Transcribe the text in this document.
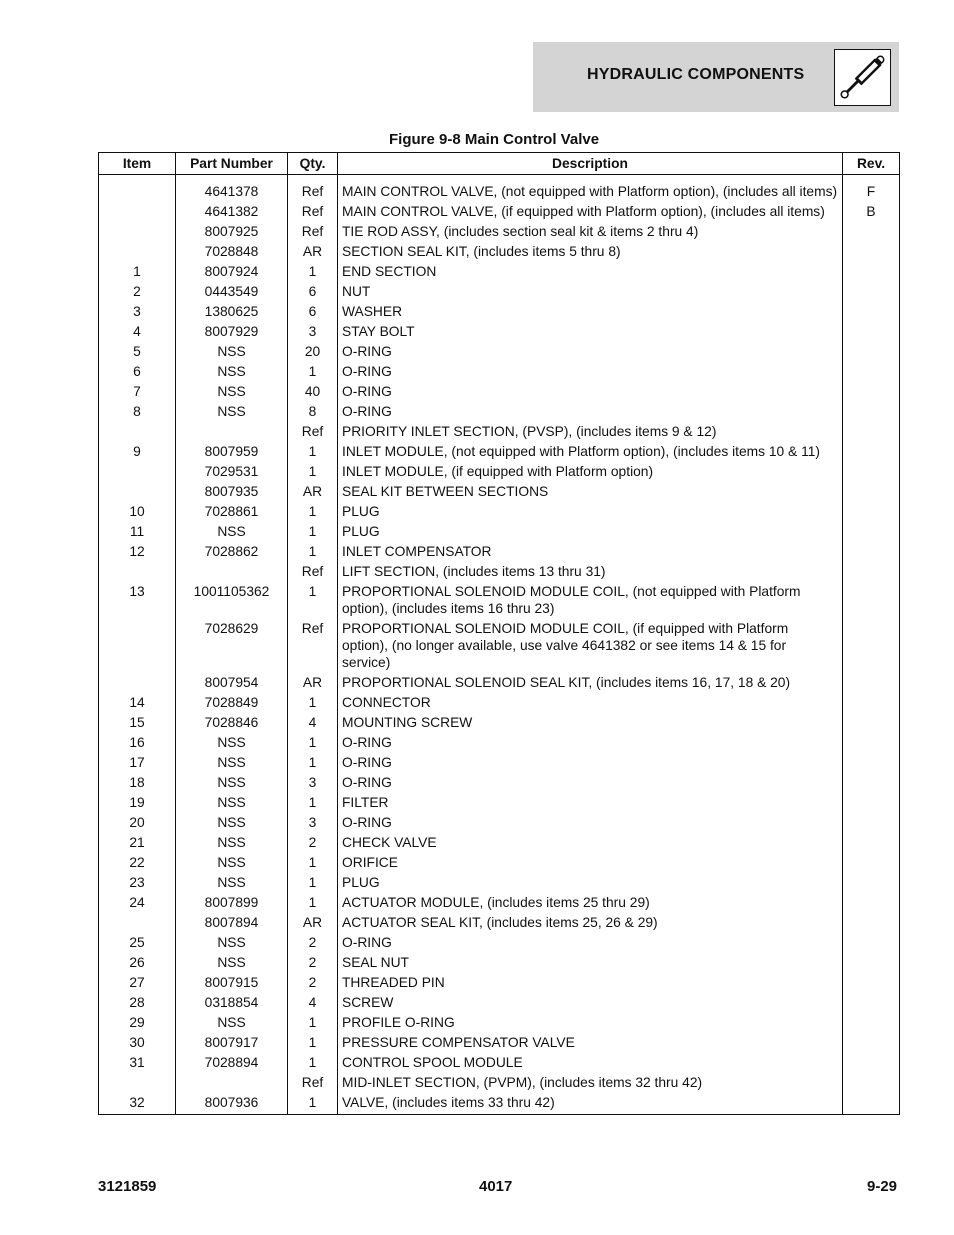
HYDRAULIC COMPONENTS
Figure 9-8 Main Control Valve
Item	Part Number	Qty.	Description	Rev.
	4641378	Ref	MAIN CONTROL VALVE, (not equipped with Platform option), (includes all items)	F
	4641382	Ref	MAIN CONTROL VALVE, (if equipped with Platform option), (includes all items)	B
	8007925	Ref	TIE ROD ASSY, (includes section seal kit & items 2 thru 4)	
	7028848	AR	SECTION SEAL KIT, (includes items 5 thru 8)	
1	8007924	1	END SECTION	
2	0443549	6	NUT	
3	1380625	6	WASHER	
4	8007929	3	STAY BOLT	
5	NSS	20	O-RING	
6	NSS	1	O-RING	
7	NSS	40	O-RING	
8	NSS	8	O-RING	
		Ref	PRIORITY INLET SECTION, (PVSP), (includes items 9 & 12)	
9	8007959	1	INLET MODULE, (not equipped with Platform option), (includes items 10 & 11)	
	7029531	1	INLET MODULE, (if equipped with Platform option)	
	8007935	AR	SEAL KIT BETWEEN SECTIONS	
10	7028861	1	PLUG	
11	NSS	1	PLUG	
12	7028862	1	INLET COMPENSATOR	
		Ref	LIFT SECTION, (includes items 13 thru 31)	
13	1001105362	1	PROPORTIONAL SOLENOID MODULE COIL, (not equipped with Platform option), (includes items 16 thru 23)	
	7028629	Ref	PROPORTIONAL SOLENOID MODULE COIL, (if equipped with Platform option), (no longer available, use valve 4641382 or see items 14 & 15 for service)	
	8007954	AR	PROPORTIONAL SOLENOID SEAL KIT, (includes items 16, 17, 18 & 20)	
14	7028849	1	CONNECTOR	
15	7028846	4	MOUNTING SCREW	
16	NSS	1	O-RING	
17	NSS	1	O-RING	
18	NSS	3	O-RING	
19	NSS	1	FILTER	
20	NSS	3	O-RING	
21	NSS	2	CHECK VALVE	
22	NSS	1	ORIFICE	
23	NSS	1	PLUG	
24	8007899	1	ACTUATOR MODULE, (includes items 25 thru 29)	
	8007894	AR	ACTUATOR SEAL KIT, (includes items 25, 26 & 29)	
25	NSS	2	O-RING	
26	NSS	2	SEAL NUT	
27	8007915	2	THREADED PIN	
28	0318854	4	SCREW	
29	NSS	1	PROFILE O-RING	
30	8007917	1	PRESSURE COMPENSATOR VALVE	
31	7028894	1	CONTROL SPOOL MODULE	
		Ref	MID-INLET SECTION, (PVPM), (includes items 32 thru 42)	
32	8007936	1	VALVE, (includes items 33 thru 42)	
3121859	4017	9-29
